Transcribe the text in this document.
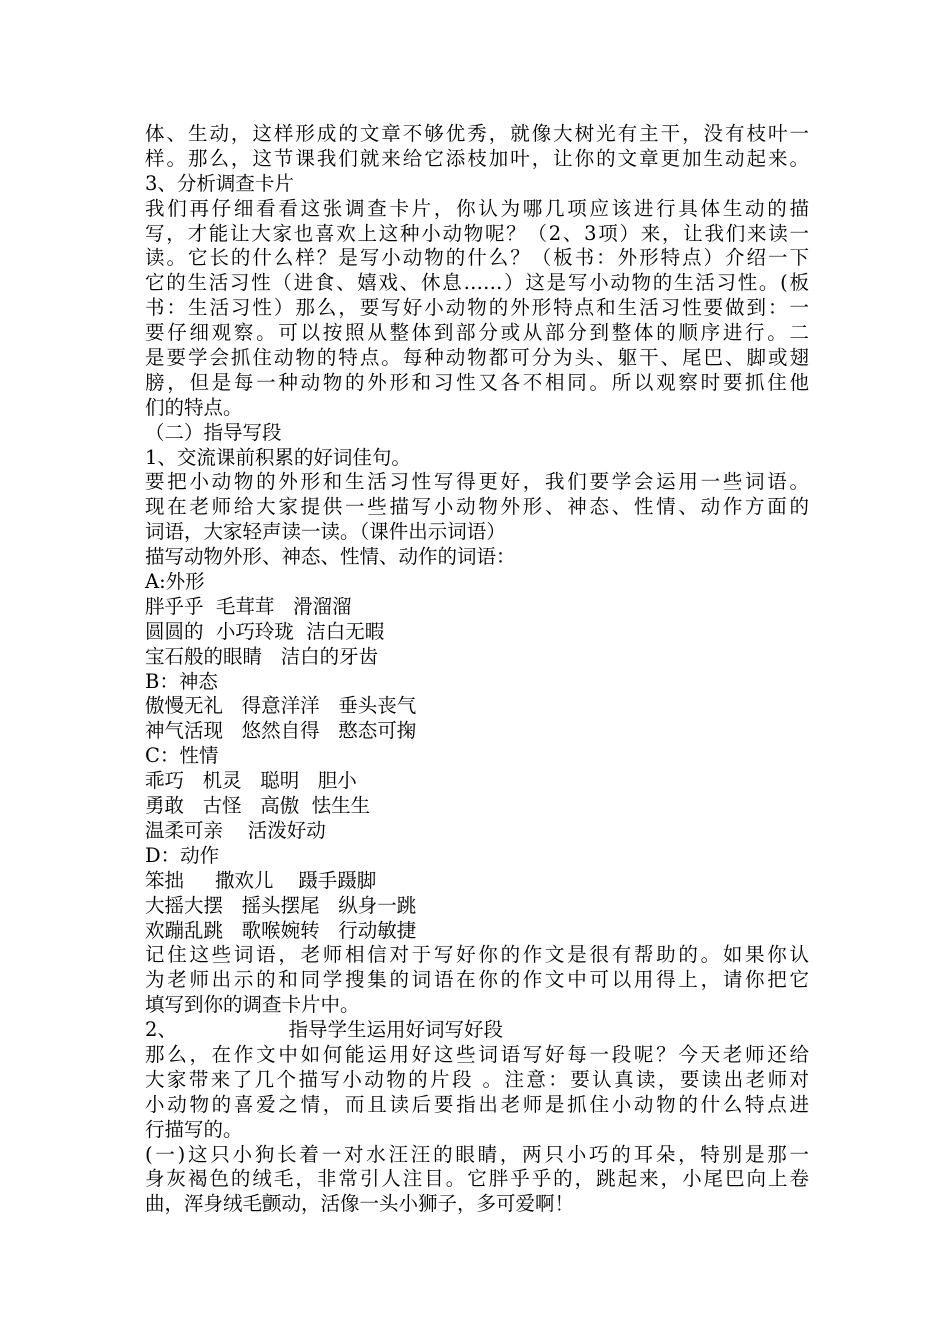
体、生动，这样形成的文章不够优秀，就像大树光有主干，没有枝叶一
样。那么，这节课我们就来给它添枝加叶，让你的文章更加生动起来。
3、分析调查卡片
我们再仔细看看这张调查卡片，你认为哪几项应该进行具体生动的描
写，才能让大家也喜欢上这种小动物呢？（2、3项）来，让我们来读一
读。它长的什么样？是写小动物的什么？（板书：外形特点）介绍一下
它的生活习性（进食、嬉戏、休息……）这是写小动物的生活习性。(板
书：生活习性）那么，要写好小动物的外形特点和生活习性要做到：一
要仔细观察。可以按照从整体到部分或从部分到整体的顺序进行。二
是要学会抓住动物的特点。每种动物都可分为头、躯干、尾巴、脚或翅
膀，但是每一种动物的外形和习性又各不相同。所以观察时要抓住他
们的特点。
（二）指导写段
1、交流课前积累的好词佳句。
要把小动物的外形和生活习性写得更好，我们要学会运用一些词语。
现在老师给大家提供一些描写小动物外形、神态、性情、动作方面的
词语，大家轻声读一读。（课件出示词语）
描写动物外形、神态、性情、动作的词语：
A:外形
胖乎乎  毛茸茸   滑溜溜
圆圆的  小巧玲珑  洁白无暇
宝石般的眼睛   洁白的牙齿
B：神态
傲慢无礼   得意洋洋   垂头丧气
神气活现   悠然自得   憨态可掬
C：性情
乖巧   机灵   聪明   胆小
勇敢   古怪   高傲  怯生生
温柔可亲    活泼好动
D：动作
笨拙     撒欢儿    蹑手蹑脚
大摇大摆   摇头摆尾   纵身一跳
欢蹦乱跳   歌喉婉转   行动敏捷
记住这些词语，老师相信对于写好你的作文是很有帮助的。如果你认
为老师出示的和同学搜集的词语在你的作文中可以用得上，请你把它
填写到你的调查卡片中。
2、                  指导学生运用好词写好段
那么，在作文中如何能运用好这些词语写好每一段呢？今天老师还给
大家带来了几个描写小动物的片段 。注意：要认真读，要读出老师对
小动物的喜爱之情，而且读后要指出老师是抓住小动物的什么特点进
行描写的。
(一)这只小狗长着一对水汪汪的眼睛，两只小巧的耳朵，特别是那一
身灰褐色的绒毛，非常引人注目。它胖乎乎的，跳起来，小尾巴向上卷
曲，浑身绒毛颤动，活像一头小狮子，多可爱啊！
